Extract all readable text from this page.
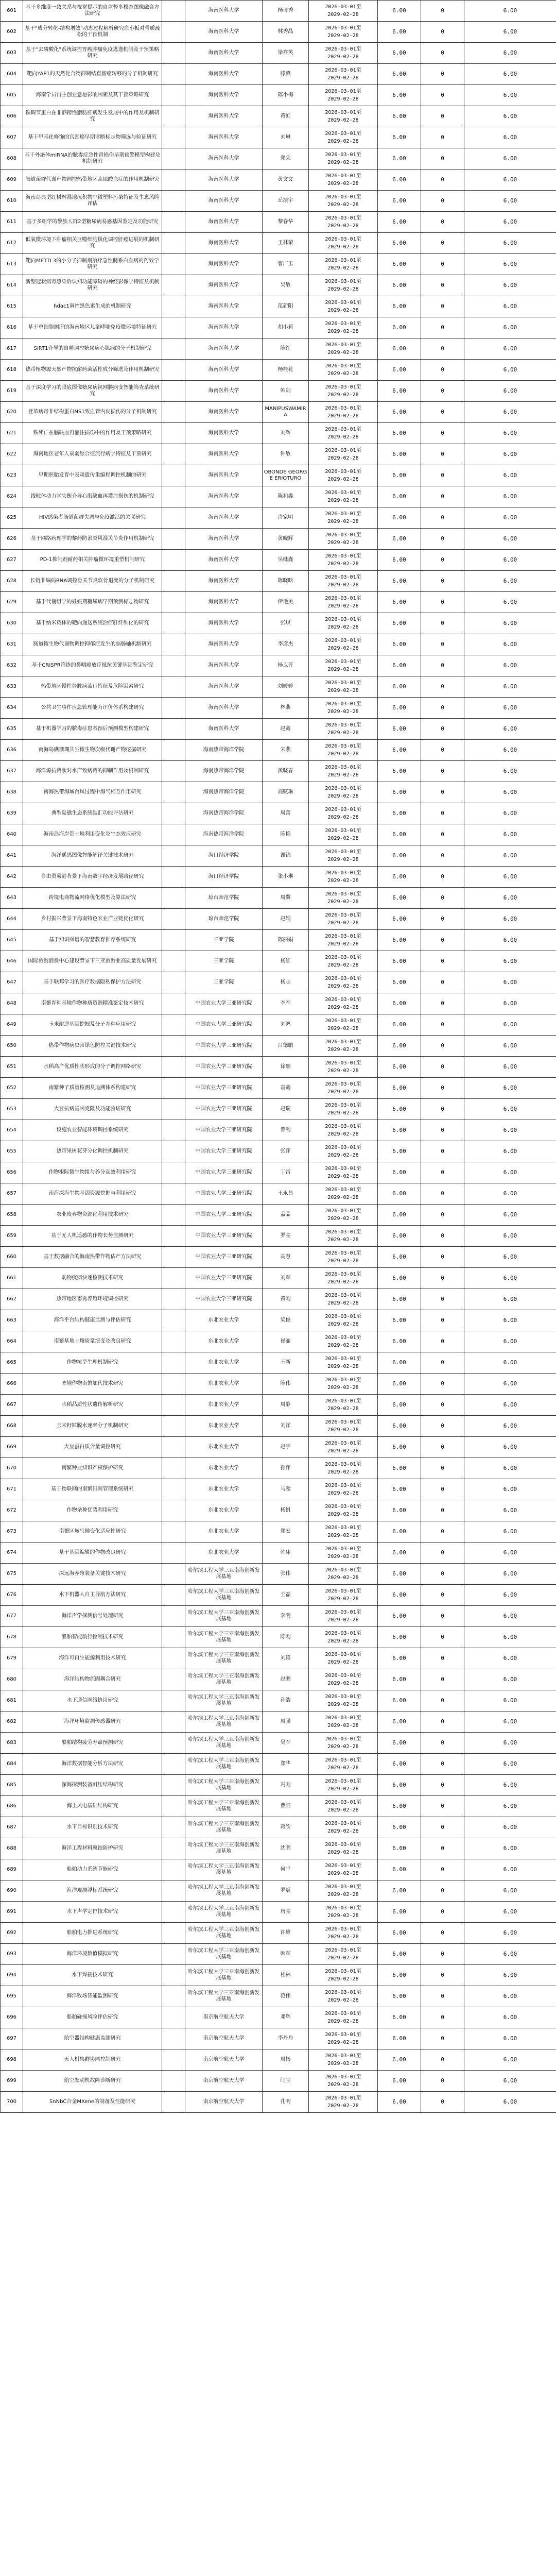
601	基于多维度一致关系与视觉提示的自监督多模态图像融合方法研究		海南医科大学	杨诗秀	2026-03-01至
2029-02-28	6.00	0	6.00
602	基于"成分转化-结构增效"动态过程解析研究血小板对骨质疏松的干预机制		海南医科大学	林秀晶	2026-03-01至
2029-02-28	6.00	0	6.00
603	基于"去磷酸化"系统调控胃癌肿瘤免疫逃逸机制及干预策略研究		海南医科大学	梁祥英	2026-03-01至
2029-02-28	6.00	0	6.00
604	靶向YAP1的天然化合物抑制结直肠癌转移的分子机制研究		海南医科大学	滕毅	2026-03-01至
2029-02-28	6.00	0	6.00
605	海南学员自主创业意愿影响因素及其干预策略研究		海南医科大学	陈小梅	2026-03-01至
2029-02-28	6.00	0	6.00
606	铁调节蛋白在非酒精性脂肪肝病发生发展中的作用及机制研究		海南医科大学	黄虹	2026-03-01至
2029-02-28	6.00	0	6.00
607	基于甲基化修饰的宫颈癌早期诊断标志物筛选与验证研究		海南医科大学	刘琳	2026-03-01至
2029-02-28	6.00	0	6.00
608	基于外泌体miRNA的脓毒症急性肾损伤早期预警模型构建及机制研究		海南医科大学	郑荣	2026-03-01至
2029-02-28	6.00	0	6.00
609	肠道菌群代谢产物调控热带地区高尿酸血症的作用机制研究		海南医科大学	黄文文	2026-03-01至
2029-02-28	6.00	0	6.00
610	海南岛典型红树林湿地沉积物中微塑料污染特征及生态风险评估		海南医科大学	丘振宇	2026-03-01至
2029-02-28	6.00	0	6.00
611	基于多组学的黎族人群2型糖尿病易感基因鉴定及功能研究		海南医科大学	黎春华	2026-03-01至
2029-02-28	6.00	0	6.00
612	低氧微环境下肿瘤相关巨噬细胞极化调控肝癌进展的机制研究		海南医科大学	王林荣	2026-03-01至
2029-02-28	6.00	0	6.00
613	靶向METTL3的小分子抑制剂治疗急性髓系白血病的药效学研究		海南医科大学	曹广玉	2026-03-01至
2029-02-28	6.00	0	6.00
614	新型冠状病毒感染后认知功能障碍的神经影像学特征及机制研究		海南医科大学	吴敏	2026-03-01至
2029-02-28	6.00	0	6.00
615	hdac1调控黑色素生成的机制研究		海南医科大学	范新阳	2026-03-01至
2029-02-28	6.00	0	6.00
616	基于单细胞测序的海南地区儿童哮喘免疫微环境特征研究		海南医科大学	胡小莉	2026-03-01至
2029-02-28	6.00	0	6.00
617	SIRT1介导的自噬调控糖尿病心肌病的分子机制研究		海南医科大学	陈红	2026-03-01至
2029-02-28	6.00	0	6.00
618	热带植物源天然产物抗耐药菌活性成分筛选及作用机制研究		海南医科大学	杨桂花	2026-03-01至
2029-02-28	6.00	0	6.00
619	基于深度学习的眼底图像糖尿病视网膜病变智能筛查系统研究		海南医科大学	韩剑	2026-03-01至
2029-02-28	6.00	0	6.00
620	登革病毒非结构蛋白NS1致血管内皮损伤的分子机制研究		海南医科大学	MANIPUSWAMIRA	2026-03-01至
2029-02-28	6.00	0	6.00
621	铁死亡在脑缺血再灌注损伤中的作用及干预策略研究		海南医科大学	刘辉	2026-03-01至
2029-02-28	6.00	0	6.00
622	海南地区老年人衰弱综合征流行病学特征及干预研究		海南医科大学	钟敏	2026-03-01至
2029-02-28	6.00	0	6.00
623	早期胚胎发育中表观遗传重编程调控机制的研究		海南医科大学	OBONDE GEORGE ERIOTURO	2026-03-01至
2029-02-28	6.00	0	6.00
624	线粒体动力学失衡介导心肌缺血再灌注损伤的机制研究		海南医科大学	陈和鑫	2026-03-01至
2029-02-28	6.00	0	6.00
625	HIV感染者肠道菌群失调与免疫激活的关联研究		海南医科大学	许家明	2026-03-01至
2029-02-28	6.00	0	6.00
626	基于网络药理学的黎药防治类风湿关节炎作用机制研究		海南医科大学	黄晓辉	2026-03-01至
2029-02-28	6.00	0	6.00
627	PD-1抑制剂耐药相关肿瘤微环境重塑机制研究		海南医科大学	吴继鑫	2026-03-01至
2029-02-28	6.00	0	6.00
628	长链非编码RNA调控骨关节炎软骨退变的分子机制研究		海南医科大学	陈晓晗	2026-03-01至
2029-02-28	6.00	0	6.00
629	基于代谢组学的妊娠期糖尿病早期预测标志物研究		海南医科大学	伊艳美	2026-03-01至
2029-02-28	6.00	0	6.00
630	基于纳米载体的靶向递送系统治疗肝纤维化的研究		海南医科大学	张琪	2026-03-01至
2029-02-28	6.00	0	6.00
631	肠道微生物代谢物调控抑郁症发生的脑肠轴机制研究		海南医科大学	李彦杰	2026-03-01至
2029-02-28	6.00	0	6.00
632	基于CRISPR筛选的鼻咽癌放疗抵抗关键基因鉴定研究		海南医科大学	杨卫芳	2026-03-01至
2029-02-28	6.00	0	6.00
633	热带地区慢性肾脏病流行特征及危险因素研究		海南医科大学	刘婷婷	2026-03-01至
2029-02-28	6.00	0	6.00
634	公共卫生事件应急管理能力评价体系构建研究		海南医科大学	林燕	2026-03-01至
2029-02-28	6.00	0	6.00
635	基于机器学习的脓毒症患者预后预测模型构建研究		海南医科大学	赵鑫	2026-03-01至
2029-02-28	6.00	0	6.00
636	南海岛礁珊瑚共生微生物次级代谢产物挖掘研究		海南热带海洋学院	宋燕	2026-03-01至
2029-02-28	6.00	0	6.00
637	海洋源抗菌肽对水产致病菌的抑制作用及机制研究		海南热带海洋学院	黄晓春	2026-03-01至
2029-02-28	6.00	0	6.00
638	南海热带海域台风过程中海气相互作用研究		海南热带海洋学院	高赋琳	2026-03-01至
2029-02-28	6.00	0	6.00
639	典型岛礁生态系统碳汇功能评估研究		海南热带海洋学院	周蕾	2026-03-01至
2029-02-28	6.00	0	6.00
640	海南岛海岸带土地利用变化及生态效应研究		海南热带海洋学院	陈艳	2026-03-01至
2029-02-28	6.00	0	6.00
641	海洋遥感图像智能解译关键技术研究		海口经济学院	谢锦	2026-03-01至
2029-02-28	6.00	0	6.00
642	自由贸易港背景下海南数字经济发展路径研究		海口经济学院	张小琳	2026-03-01至
2029-02-28	6.00	0	6.00
643	跨境电商物流网络优化模型及算法研究		琼台师范学院	周翼	2026-03-01至
2029-02-28	6.00	0	6.00
644	乡村振兴背景下海南特色农业产业链优化研究		琼台师范学院	赵娟	2026-03-01至
2029-02-28	6.00	0	6.00
645	基于知识图谱的智慧教育推荐系统研究		三亚学院	陈丽娟	2026-03-01至
2029-02-28	6.00	0	6.00
646	国际旅游消费中心建设背景下三亚旅游业高质量发展研究		三亚学院	杨红	2026-03-01至
2029-02-28	6.00	0	6.00
647	基于联邦学习的医疗数据隐私保护方法研究		三亚学院	杨志	2026-03-01至
2029-02-28	6.00	0	6.00
648	南繁育种基地作物种质资源精准鉴定技术研究		中国农业大学三亚研究院	李军	2026-03-01至
2029-02-28	6.00	0	6.00
649	玉米耐逆基因挖掘及分子育种应用研究		中国农业大学三亚研究院	刘鸿	2026-03-01至
2029-02-28	6.00	0	6.00
650	热带作物病虫害绿色防控关键技术研究		中国农业大学三亚研究院	吕德鹏	2026-03-01至
2029-02-28	6.00	0	6.00
651	水稻高产优质性状形成的分子调控网络研究		中国农业大学三亚研究院	徐然	2026-03-01至
2029-02-28	6.00	0	6.00
652	南繁种子质量检测及追溯体系构建研究		中国农业大学三亚研究院	袁鑫	2026-03-01至
2029-02-28	6.00	0	6.00
653	大豆抗病基因克隆及功能验证研究		中国农业大学三亚研究院	赵瑞	2026-03-01至
2029-02-28	6.00	0	6.00
654	设施农业智能环境调控系统研究		中国农业大学三亚研究院	曾利	2026-03-01至
2029-02-28	6.00	0	6.00
655	热带果树花芽分化调控机制研究		中国农业大学三亚研究院	张萍	2026-03-01至
2029-02-28	6.00	0	6.00
656	作物根际微生物组与养分高效利用研究		中国农业大学三亚研究院	丁雷	2026-03-01至
2029-02-28	6.00	0	6.00
657	南海深海生物基因资源挖掘与利用研究		中国农业大学三亚研究院	王永昌	2026-03-01至
2029-02-28	6.00	0	6.00
658	农业废弃物资源化利用技术研究		中国农业大学三亚研究院	孟晶	2026-03-01至
2029-02-28	6.00	0	6.00
659	基于无人机遥感的作物长势监测研究		中国农业大学三亚研究院	罗亮	2026-03-01至
2029-02-28	6.00	0	6.00
660	基于数据融合的海南热带作物估产方法研究		中国农业大学三亚研究院	高慧	2026-03-01至
2029-02-28	6.00	0	6.00
661	动物疫病快速检测技术研究		中国农业大学三亚研究院	刘军	2026-03-01至
2029-02-28	6.00	0	6.00
662	热带地区畜禽养殖环境调控研究		中国农业大学三亚研究院	黄刚	2026-03-01至
2029-02-28	6.00	0	6.00
663	海洋平台结构健康监测与评估研究		东北农业大学	梁俊	2026-03-01至
2029-02-28	6.00	0	6.00
664	南繁基地土壤质量演变及改良研究		东北农业大学	崔丽	2026-03-01至
2029-02-28	6.00	0	6.00
665	作物抗旱生理机制研究		东北农业大学	王新	2026-03-01至
2029-02-28	6.00	0	6.00
666	寒地作物南繁加代技术研究		东北农业大学	陈伟	2026-03-01至
2029-02-28	6.00	0	6.00
667	水稻品质性状遗传解析研究		东北农业大学	周静	2026-03-01至
2029-02-28	6.00	0	6.00
668	玉米籽粒脱水速率分子机制研究		东北农业大学	刘洋	2026-03-01至
2029-02-28	6.00	0	6.00
669	大豆蛋白质含量调控研究		东北农业大学	赵宇	2026-03-01至
2029-02-28	6.00	0	6.00
670	南繁种业知识产权保护研究		东北农业大学	孙萍	2026-03-01至
2029-02-28	6.00	0	6.00
671	基于物联网的南繁田间管理系统研究		东北农业大学	马超	2026-03-01至
2029-02-28	6.00	0	6.00
672	作物杂种优势利用研究		东北农业大学	杨帆	2026-03-01至
2029-02-28	6.00	0	6.00
673	南繁区域气候变化适应性研究		东北农业大学	郑宏	2026-03-01至
2029-02-28	6.00	0	6.00
674	基于基因编辑的作物改良研究		东北农业大学	韩冰	2026-03-01至
2029-02-28	6.00	0	6.00
675	深远海养殖装备关键技术研究		哈尔滨工程大学三亚南海创新发展基地	张伟	2026-03-01至
2029-02-28	6.00	0	6.00
676	水下机器人自主导航方法研究		哈尔滨工程大学三亚南海创新发展基地	王磊	2026-03-01至
2029-02-28	6.00	0	6.00
677	海洋声学探测信号处理研究		哈尔滨工程大学三亚南海创新发展基地	李明	2026-03-01至
2029-02-28	6.00	0	6.00
678	船舶智能航行控制技术研究		哈尔滨工程大学三亚南海创新发展基地	陈刚	2026-03-01至
2029-02-28	6.00	0	6.00
679	海洋可再生能源利用技术研究		哈尔滨工程大学三亚南海创新发展基地	刘涛	2026-03-01至
2029-02-28	6.00	0	6.00
680	海洋结构物流固耦合研究		哈尔滨工程大学三亚南海创新发展基地	赵鹏	2026-03-01至
2029-02-28	6.00	0	6.00
681	水下通信网络协议研究		哈尔滨工程大学三亚南海创新发展基地	孙浩	2026-03-01至
2029-02-28	6.00	0	6.00
682	海洋环境监测传感器研究		哈尔滨工程大学三亚南海创新发展基地	周强	2026-03-01至
2029-02-28	6.00	0	6.00
683	船舶结构疲劳寿命预测研究		哈尔滨工程大学三亚南海创新发展基地	吴军	2026-03-01至
2029-02-28	6.00	0	6.00
684	海洋数据智能分析方法研究		哈尔滨工程大学三亚南海创新发展基地	郑华	2026-03-01至
2029-02-28	6.00	0	6.00
685	深海探测装备耐压结构研究		哈尔滨工程大学三亚南海创新发展基地	冯刚	2026-03-01至
2029-02-28	6.00	0	6.00
686	海上风电基础结构研究		哈尔滨工程大学三亚南海创新发展基地	曹阳	2026-03-01至
2029-02-28	6.00	0	6.00
687	水下目标识别技术研究		哈尔滨工程大学三亚南海创新发展基地	蒋欣	2026-03-01至
2029-02-28	6.00	0	6.00
688	海洋工程材料腐蚀防护研究		哈尔滨工程大学三亚南海创新发展基地	沈明	2026-03-01至
2029-02-28	6.00	0	6.00
689	船舶动力系统节能研究		哈尔滨工程大学三亚南海创新发展基地	何平	2026-03-01至
2029-02-28	6.00	0	6.00
690	海洋观测浮标系统研究		哈尔滨工程大学三亚南海创新发展基地	罗斌	2026-03-01至
2029-02-28	6.00	0	6.00
691	水下声学定位技术研究		哈尔滨工程大学三亚南海创新发展基地	唐亮	2026-03-01至
2029-02-28	6.00	0	6.00
692	船舶电力推进系统研究		哈尔滨工程大学三亚南海创新发展基地	许峰	2026-03-01至
2029-02-28	6.00	0	6.00
693	海洋环境数值模拟研究		哈尔滨工程大学三亚南海创新发展基地	韩军	2026-03-01至
2029-02-28	6.00	0	6.00
694	水下焊接技术研究		哈尔滨工程大学三亚南海创新发展基地	杜林	2026-03-01至
2029-02-28	6.00	0	6.00
695	海洋牧场智能监测研究		哈尔滨工程大学三亚南海创新发展基地	范伟	2026-03-01至
2029-02-28	6.00	0	6.00
696	船舶碰撞风险评估研究		南京航空航天大学	邓辉	2026-03-01至
2029-02-28	6.00	0	6.00
697	航空器结构健康监测研究		南京航空航天大学	李丹丹	2026-03-01至
2029-02-28	6.00	0	6.00
698	无人机集群协同控制研究		南京航空航天大学	周扬	2026-03-01至
2029-02-28	6.00	0	6.00
699	航空发动机故障诊断研究		南京航空航天大学	闫宝	2026-03-01至
2029-02-28	6.00	0	6.00
700	SnNbC合金MXene的制备及性能研究		南京航空航天大学	孔明	2026-03-01至
2029-02-28	6.00	0	6.00
